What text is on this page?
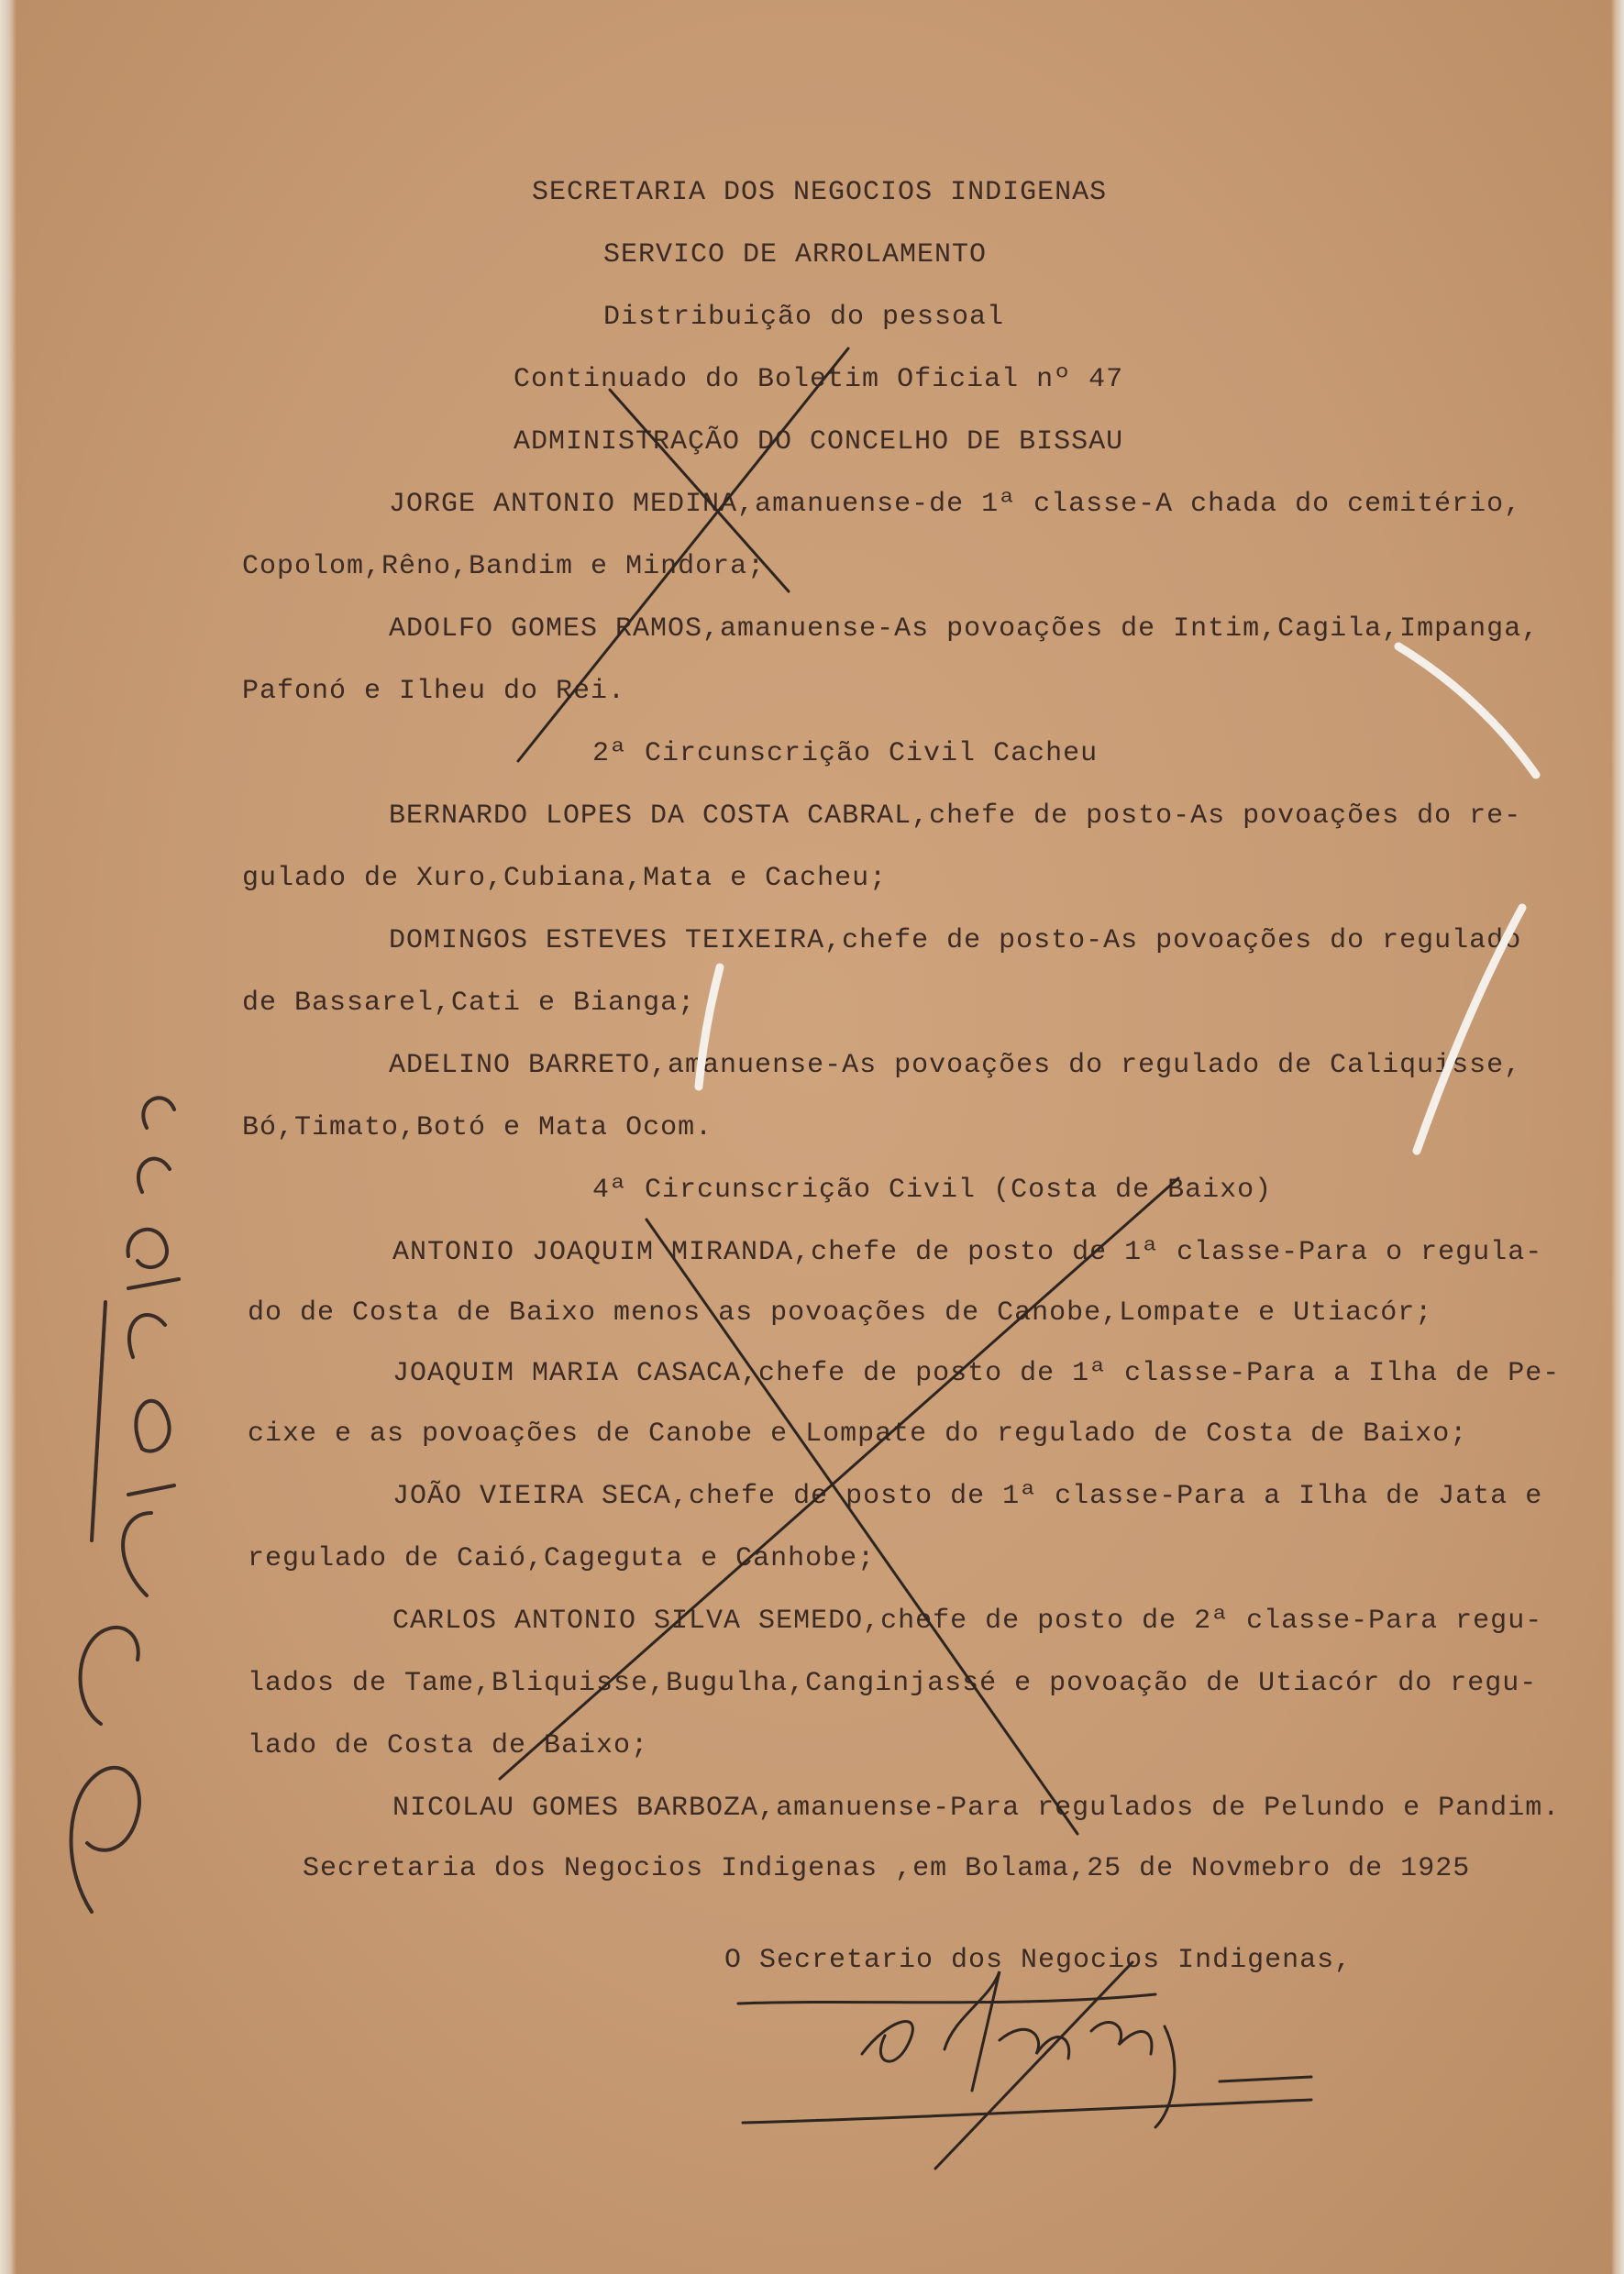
SECRETARIA DOS NEGOCIOS INDIGENAS
SERVICO DE ARROLAMENTO
Distribuição do pessoal
Continuado do Boletim Oficial nº 47
ADMINISTRAÇÃO DO CONCELHO DE BISSAU
JORGE ANTONIO MEDINA,amanuense-de 1ª classe-A chada do cemitério,
Copolom,Rêno,Bandim e Mindora;
ADOLFO GOMES RAMOS,amanuense-As povoações de Intim,Cagila,Impanga,
Pafonó e Ilheu do Rei.
2ª Circunscrição Civil Cacheu
BERNARDO LOPES DA COSTA CABRAL,chefe de posto-As povoações do re-
gulado de Xuro,Cubiana,Mata e Cacheu;
DOMINGOS ESTEVES TEIXEIRA,chefe de posto-As povoações do regulado
de Bassarel,Cati e Bianga;
ADELINO BARRETO,amanuense-As povoações do regulado de Caliquisse,
Bó,Timato,Botó e Mata Ocom.
4ª Circunscrição Civil (Costa de Baixo)
ANTONIO JOAQUIM MIRANDA,chefe de posto de 1ª classe-Para o regula-
do de Costa de Baixo menos as povoações de Canobe,Lompate e Utiacór;
JOAQUIM MARIA CASACA,chefe de posto de 1ª classe-Para a Ilha de Pe-
cixe e as povoações de Canobe e Lompate do regulado de Costa de Baixo;
JOÃO VIEIRA SECA,chefe de posto de 1ª classe-Para a Ilha de Jata e
regulado de Caió,Cageguta e Canhobe;
CARLOS ANTONIO SILVA SEMEDO,chefe de posto de 2ª classe-Para regu-
lados de Tame,Bliquisse,Bugulha,Canginjassé e povoação de Utiacór do regu-
lado de Costa de Baixo;
NICOLAU GOMES BARBOZA,amanuense-Para regulados de Pelundo e Pandim.
Secretaria dos Negocios Indigenas ,em Bolama,25 de Novmebro de 1925
O Secretario dos Negocios Indigenas,
